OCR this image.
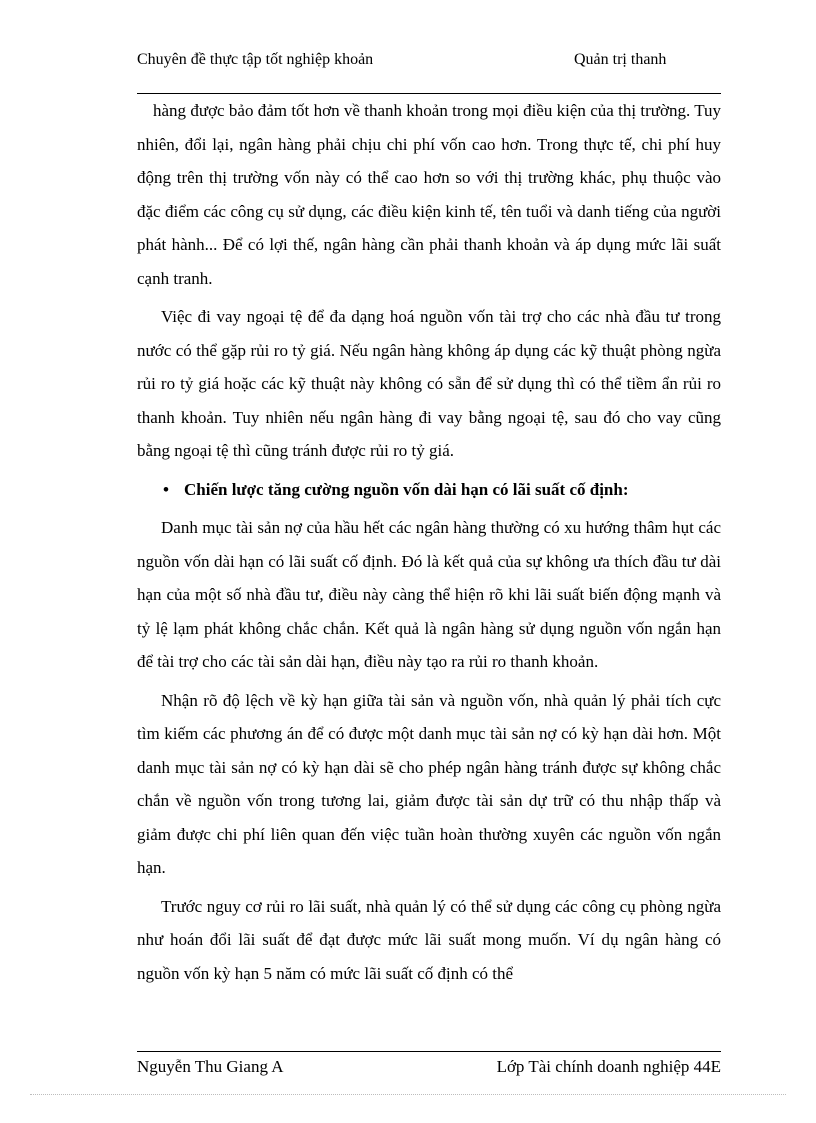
Chuyên đề thực tập tốt nghiệp khoản	Quản trị thanh

hàng được bảo đảm tốt hơn về thanh khoản trong mọi điều kiện của thị trường. Tuy nhiên, đổi lại, ngân hàng phải chịu chi phí vốn cao hơn. Trong thực tế, chi phí huy động trên thị trường vốn này có thể cao hơn so với thị trường khác, phụ thuộc vào đặc điểm các công cụ sử dụng, các điều kiện kinh tế, tên tuổi và danh tiếng của người phát hành... Để có lợi thế, ngân hàng cần phải thanh khoản và áp dụng mức lãi suất cạnh tranh.

Việc đi vay ngoại tệ để đa dạng hoá nguồn vốn tài trợ cho các nhà đầu tư trong nước có thể gặp rủi ro tỷ giá. Nếu ngân hàng không áp dụng các kỹ thuật phòng ngừa rủi ro tỷ giá hoặc các kỹ thuật này không có sẵn để sử dụng thì có thể tiềm ẩn rủi ro thanh khoản. Tuy nhiên nếu ngân hàng đi vay bằng ngoại tệ, sau đó cho vay cũng bằng ngoại tệ thì cũng tránh được rủi ro tỷ giá.

• Chiến lược tăng cường nguồn vốn dài hạn có lãi suất cố định:

Danh mục tài sản nợ của hầu hết các ngân hàng thường có xu hướng thâm hụt các nguồn vốn dài hạn có lãi suất cố định. Đó là kết quả của sự không ưa thích đầu tư dài hạn của một số nhà đầu tư, điều này càng thể hiện rõ khi lãi suất biến động mạnh và tỷ lệ lạm phát không chắc chắn. Kết quả là ngân hàng sử dụng nguồn vốn ngắn hạn để tài trợ cho các tài sản dài hạn, điều này tạo ra rủi ro thanh khoản.

Nhận rõ độ lệch về kỳ hạn giữa tài sản và nguồn vốn, nhà quản lý phải tích cực tìm kiếm các phương án để có được một danh mục tài sản nợ có kỳ hạn dài hơn. Một danh mục tài sản nợ có kỳ hạn dài sẽ cho phép ngân hàng tránh được sự không chắc chắn về nguồn vốn trong tương lai, giảm được tài sản dự trữ có thu nhập thấp và giảm được chi phí liên quan đến việc tuần hoàn thường xuyên các nguồn vốn ngắn hạn.

Trước nguy cơ rủi ro lãi suất, nhà quản lý có thể sử dụng các công cụ phòng ngừa như hoán đổi lãi suất để đạt được mức lãi suất mong muốn. Ví dụ ngân hàng có nguồn vốn kỳ hạn 5 năm có mức lãi suất cố định có thể

Nguyễn Thu Giang A	Lớp Tài chính doanh nghiệp 44E
